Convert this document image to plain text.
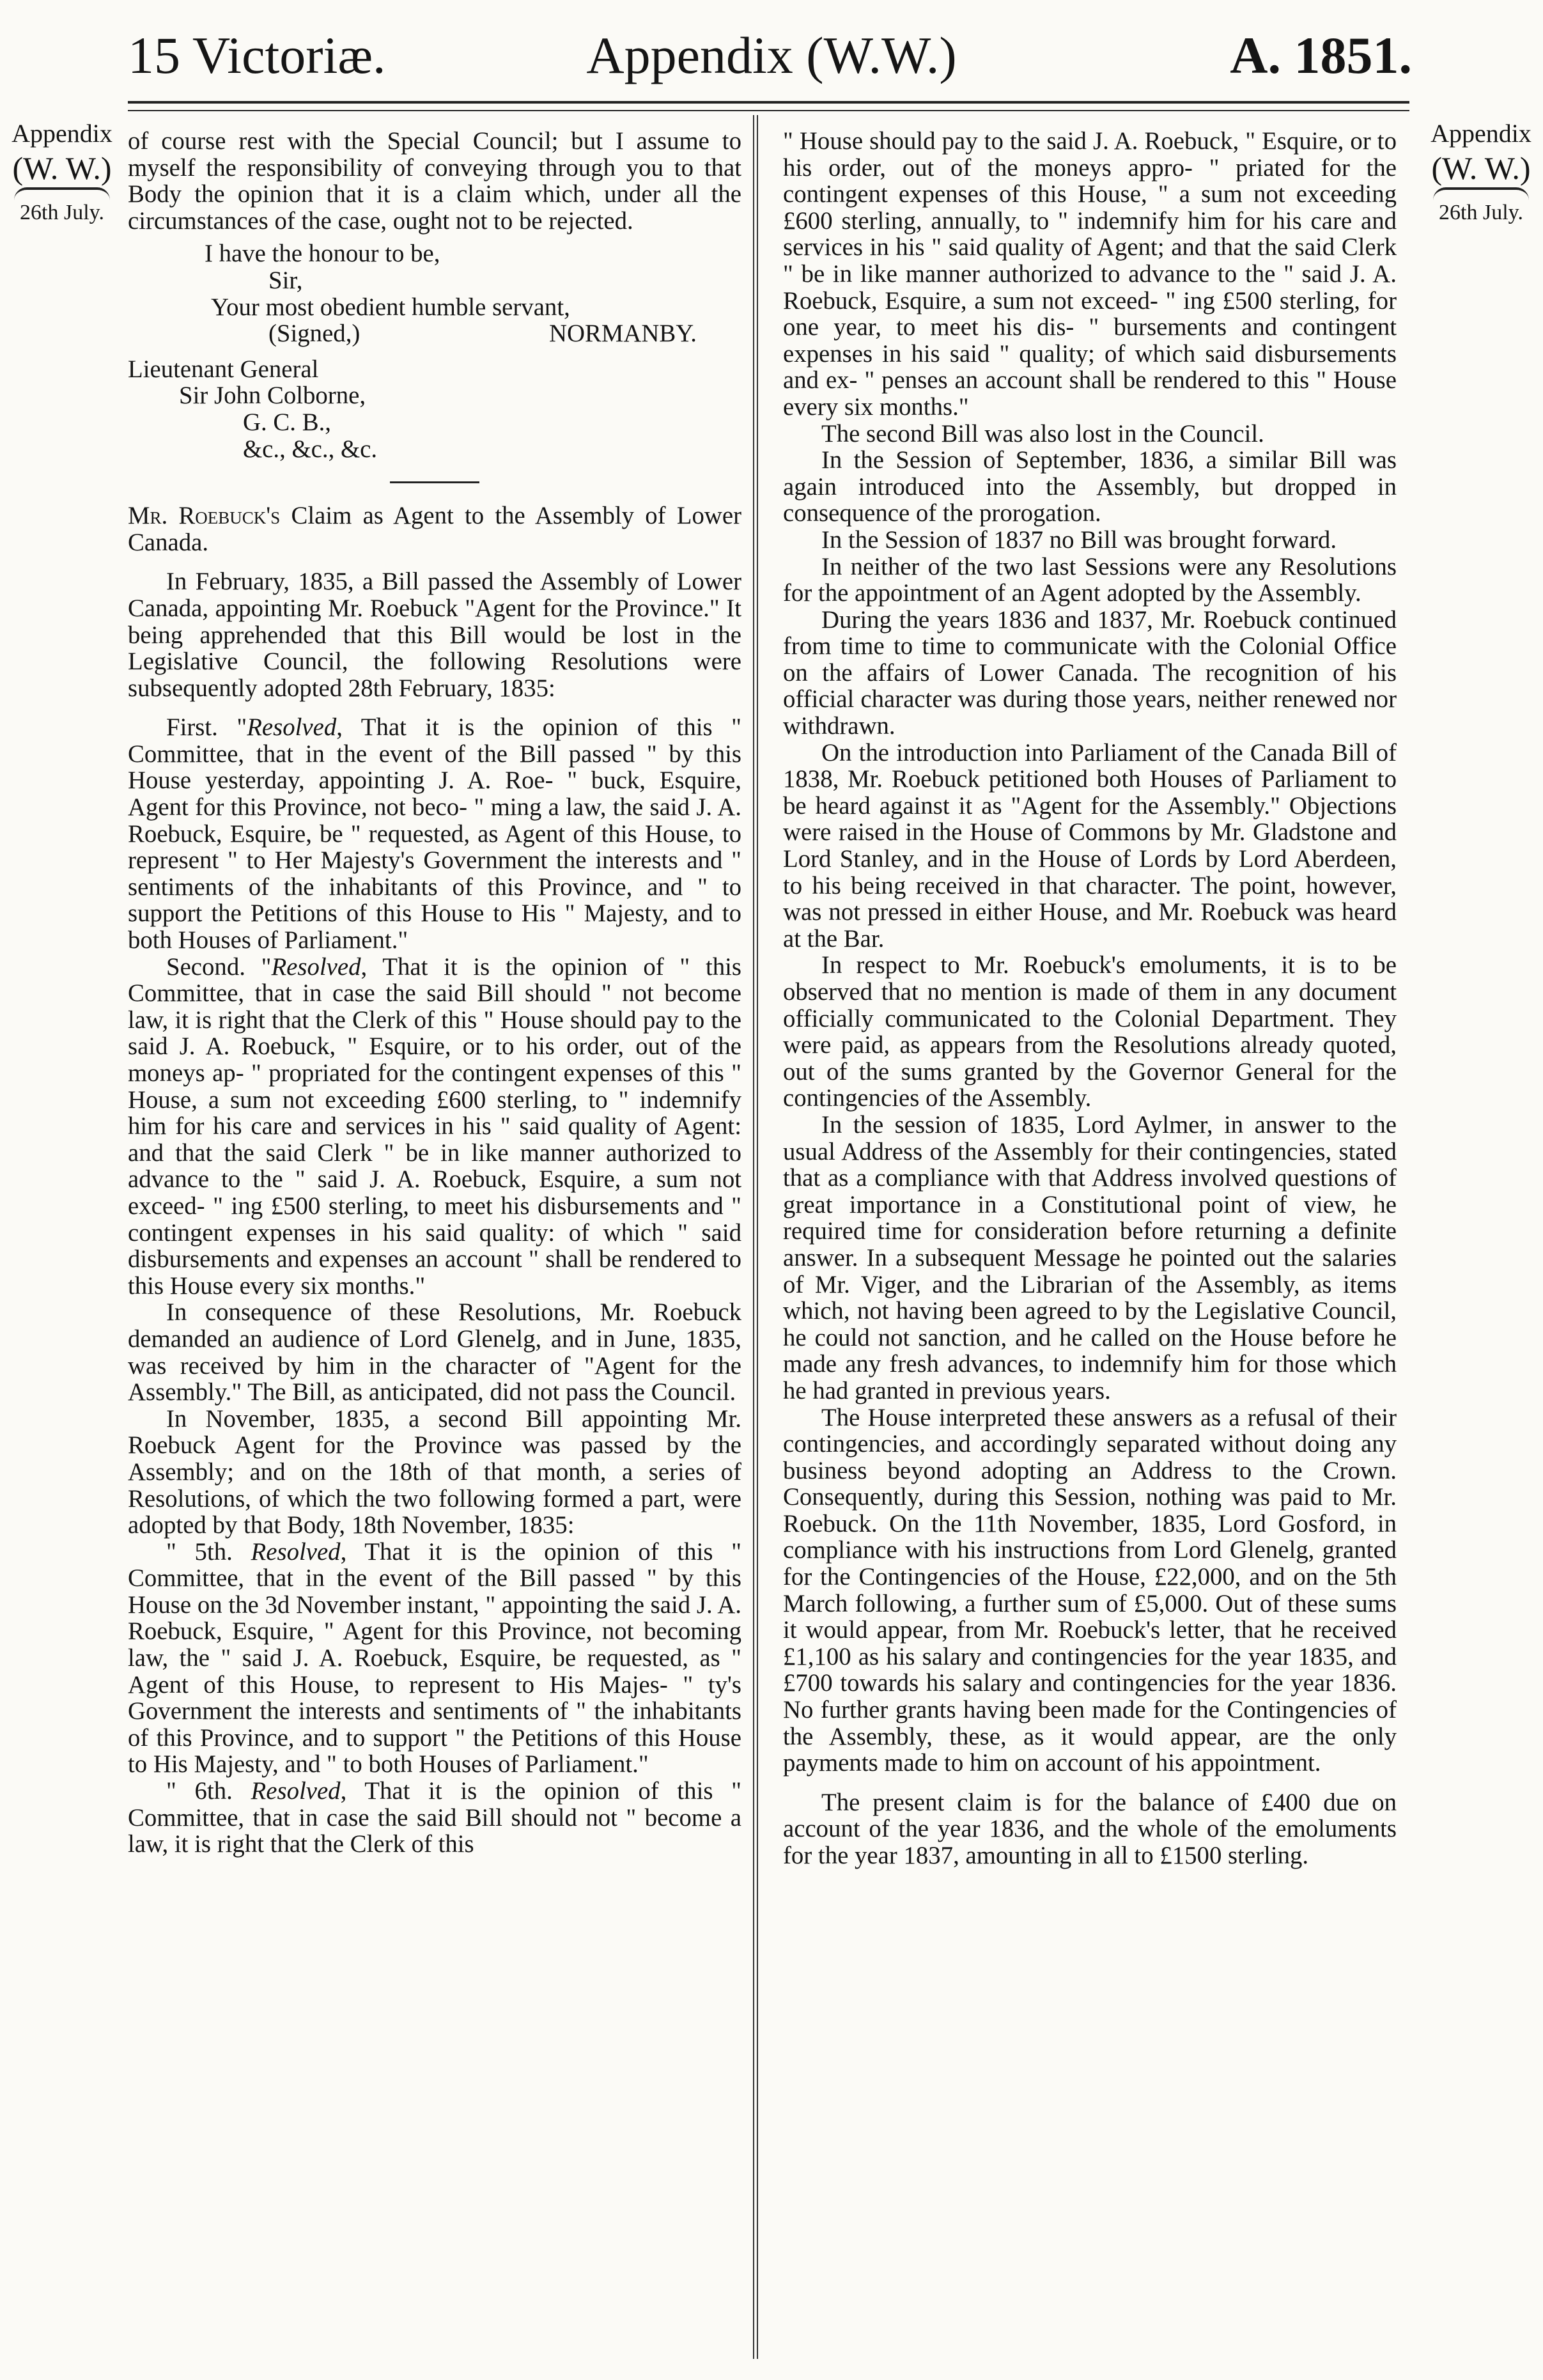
15 Victoriæ.	Appendix (W.W.)	A. 1851.
Appendix
(W. W.)
26th July.
Appendix
(W. W.)
26th July.

of course rest with the Special Council; but I assume to myself the responsibility of conveying through you to that Body the opinion that it is a claim which, under all the circumstances of the case, ought not to be rejected.

I have the honour to be,

Sir,

Your most obedient humble servant,

(Signed,)	NORMANBY.

Lieutenant General

Sir John Colborne,

G. C. B.,

&c., &c., &c.

Mr. Roebuck's Claim as Agent to the Assembly of Lower Canada.

In February, 1835, a Bill passed the Assembly of Lower Canada, appointing Mr. Roebuck "Agent for the Province." It being apprehended that this Bill would be lost in the Legislative Council, the following Resolutions were subsequently adopted 28th February, 1835:

First. "Resolved, That it is the opinion of this " Committee, that in the event of the Bill passed " by this House yesterday, appointing J. A. Roe- " buck, Esquire, Agent for this Province, not beco- " ming a law, the said J. A. Roebuck, Esquire, be " requested, as Agent of this House, to represent " to Her Majesty's Government the interests and " sentiments of the inhabitants of this Province, and " to support the Petitions of this House to His " Majesty, and to both Houses of Parliament."

Second. "Resolved, That it is the opinion of " this Committee, that in case the said Bill should " not become law, it is right that the Clerk of this " House should pay to the said J. A. Roebuck, " Esquire, or to his order, out of the moneys ap- " propriated for the contingent expenses of this " House, a sum not exceeding £600 sterling, to " indemnify him for his care and services in his " said quality of Agent: and that the said Clerk " be in like manner authorized to advance to the " said J. A. Roebuck, Esquire, a sum not exceed- " ing £500 sterling, to meet his disbursements and " contingent expenses in his said quality: of which " said disbursements and expenses an account " shall be rendered to this House every six months."

In consequence of these Resolutions, Mr. Roebuck demanded an audience of Lord Glenelg, and in June, 1835, was received by him in the character of "Agent for the Assembly." The Bill, as anticipated, did not pass the Council.

In November, 1835, a second Bill appointing Mr. Roebuck Agent for the Province was passed by the Assembly; and on the 18th of that month, a series of Resolutions, of which the two following formed a part, were adopted by that Body, 18th November, 1835:

" 5th. Resolved, That it is the opinion of this " Committee, that in the event of the Bill passed " by this House on the 3d November instant, " appointing the said J. A. Roebuck, Esquire, " Agent for this Province, not becoming law, the " said J. A. Roebuck, Esquire, be requested, as " Agent of this House, to represent to His Majes- " ty's Government the interests and sentiments of " the inhabitants of this Province, and to support " the Petitions of this House to His Majesty, and " to both Houses of Parliament."

" 6th. Resolved, That it is the opinion of this " Committee, that in case the said Bill should not " become a law, it is right that the Clerk of this

" House should pay to the said J. A. Roebuck, " Esquire, or to his order, out of the moneys appro- " priated for the contingent expenses of this House, " a sum not exceeding £600 sterling, annually, to " indemnify him for his care and services in his " said quality of Agent; and that the said Clerk " be in like manner authorized to advance to the " said J. A. Roebuck, Esquire, a sum not exceed- " ing £500 sterling, for one year, to meet his dis- " bursements and contingent expenses in his said " quality; of which said disbursements and ex- " penses an account shall be rendered to this " House every six months."

The second Bill was also lost in the Council.

In the Session of September, 1836, a similar Bill was again introduced into the Assembly, but dropped in consequence of the prorogation.

In the Session of 1837 no Bill was brought forward.

In neither of the two last Sessions were any Resolutions for the appointment of an Agent adopted by the Assembly.

During the years 1836 and 1837, Mr. Roebuck continued from time to time to communicate with the Colonial Office on the affairs of Lower Canada. The recognition of his official character was during those years, neither renewed nor withdrawn.

On the introduction into Parliament of the Canada Bill of 1838, Mr. Roebuck petitioned both Houses of Parliament to be heard against it as "Agent for the Assembly." Objections were raised in the House of Commons by Mr. Gladstone and Lord Stanley, and in the House of Lords by Lord Aberdeen, to his being received in that character. The point, however, was not pressed in either House, and Mr. Roebuck was heard at the Bar.

In respect to Mr. Roebuck's emoluments, it is to be observed that no mention is made of them in any document officially communicated to the Colonial Department. They were paid, as appears from the Resolutions already quoted, out of the sums granted by the Governor General for the contingencies of the Assembly.

In the session of 1835, Lord Aylmer, in answer to the usual Address of the Assembly for their contingencies, stated that as a compliance with that Address involved questions of great importance in a Constitutional point of view, he required time for consideration before returning a definite answer. In a subsequent Message he pointed out the salaries of Mr. Viger, and the Librarian of the Assembly, as items which, not having been agreed to by the Legislative Council, he could not sanction, and he called on the House before he made any fresh advances, to indemnify him for those which he had granted in previous years.

The House interpreted these answers as a refusal of their contingencies, and accordingly separated without doing any business beyond adopting an Address to the Crown. Consequently, during this Session, nothing was paid to Mr. Roebuck. On the 11th November, 1835, Lord Gosford, in compliance with his instructions from Lord Glenelg, granted for the Contingencies of the House, £22,000, and on the 5th March following, a further sum of £5,000. Out of these sums it would appear, from Mr. Roebuck's letter, that he received £1,100 as his salary and contingencies for the year 1835, and £700 towards his salary and contingencies for the year 1836. No further grants having been made for the Contingencies of the Assembly, these, as it would appear, are the only payments made to him on account of his appointment.

The present claim is for the balance of £400 due on account of the year 1836, and the whole of the emoluments for the year 1837, amounting in all to £1500 sterling.
